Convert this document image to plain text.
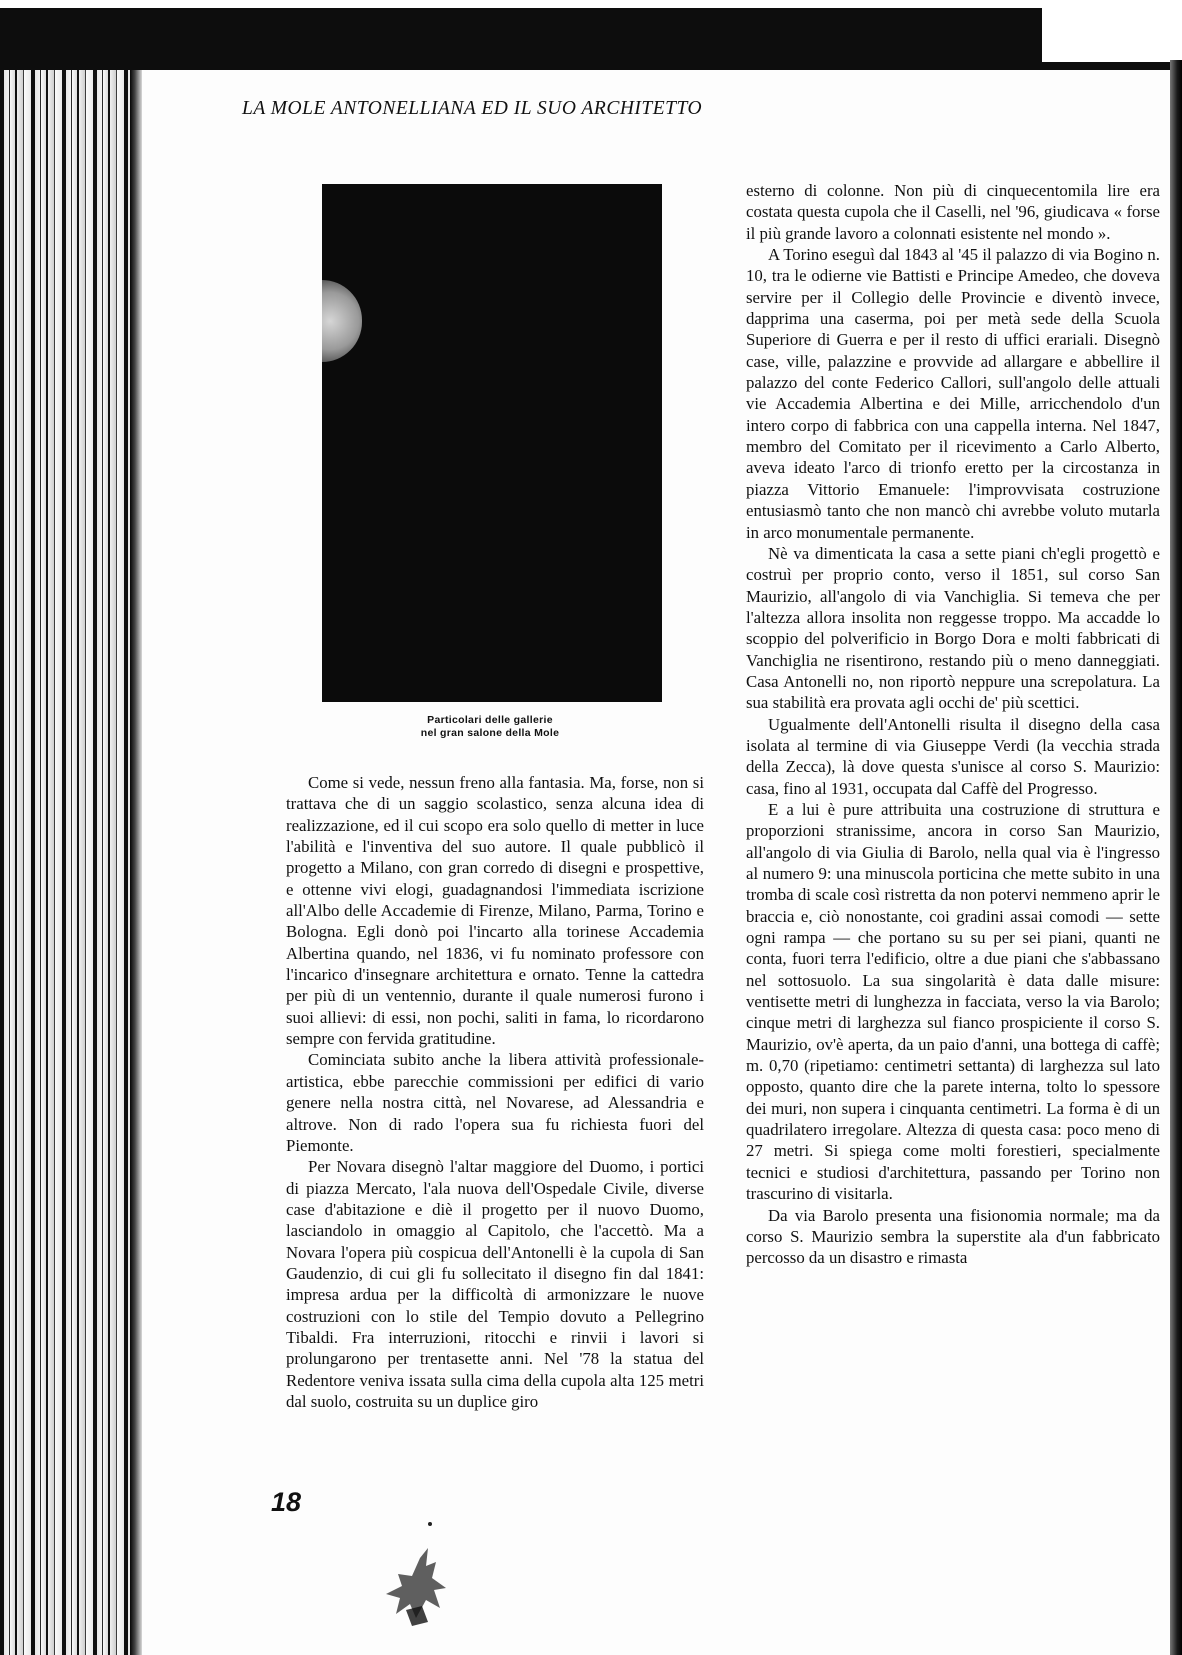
LA MOLE ANTONELLIANA ED IL SUO ARCHITETTO
Particolari delle gallerie
nel gran salone della Mole

Come si vede, nessun freno alla fantasia. Ma, forse, non si trattava che di un saggio scolastico, senza alcuna idea di realizzazione, ed il cui scopo era solo quello di metter in luce l'abilità e l'inventiva del suo autore. Il quale pubblicò il progetto a Milano, con gran corredo di disegni e prospettive, e ottenne vivi elogi, guadagnandosi l'immediata iscrizione all'Albo delle Accademie di Firenze, Milano, Parma, Torino e Bologna. Egli donò poi l'incarto alla torinese Accademia Albertina quando, nel 1836, vi fu nominato professore con l'incarico d'insegnare architettura e ornato. Tenne la cattedra per più di un ventennio, durante il quale numerosi furono i suoi allievi: di essi, non pochi, saliti in fama, lo ricordarono sempre con fervida gratitudine.

Cominciata subito anche la libera attività professionale-artistica, ebbe parecchie commissioni per edifici di vario genere nella nostra città, nel Novarese, ad Alessandria e altrove. Non di rado l'opera sua fu richiesta fuori del Piemonte.

Per Novara disegnò l'altar maggiore del Duomo, i portici di piazza Mercato, l'ala nuova dell'Ospedale Civile, diverse case d'abitazione e diè il progetto per il nuovo Duomo, lasciandolo in omaggio al Capitolo, che l'accettò. Ma a Novara l'opera più cospicua dell'Antonelli è la cupola di San Gaudenzio, di cui gli fu sollecitato il disegno fin dal 1841: impresa ardua per la difficoltà di armonizzare le nuove costruzioni con lo stile del Tempio dovuto a Pellegrino Tibaldi. Fra interruzioni, ritocchi e rinvii i lavori si prolungarono per trentasette anni. Nel '78 la statua del Redentore veniva issata sulla cima della cupola alta 125 metri dal suolo, costruita su un duplice giro

esterno di colonne. Non più di cinquecentomila lire era costata questa cupola che il Caselli, nel '96, giudicava « forse il più grande lavoro a colonnati esistente nel mondo ».

A Torino eseguì dal 1843 al '45 il palazzo di via Bogino n. 10, tra le odierne vie Battisti e Principe Amedeo, che doveva servire per il Collegio delle Provincie e diventò invece, dapprima una caserma, poi per metà sede della Scuola Superiore di Guerra e per il resto di uffici erariali. Disegnò case, ville, palazzine e provvide ad allargare e abbellire il palazzo del conte Federico Callori, sull'angolo delle attuali vie Accademia Albertina e dei Mille, arricchendolo d'un intero corpo di fabbrica con una cappella interna. Nel 1847, membro del Comitato per il ricevimento a Carlo Alberto, aveva ideato l'arco di trionfo eretto per la circostanza in piazza Vittorio Emanuele: l'improvvisata costruzione entusiasmò tanto che non mancò chi avrebbe voluto mutarla in arco monumentale permanente.

Nè va dimenticata la casa a sette piani ch'egli progettò e costruì per proprio conto, verso il 1851, sul corso San Maurizio, all'angolo di via Vanchiglia. Si temeva che per l'altezza allora insolita non reggesse troppo. Ma accadde lo scoppio del polverificio in Borgo Dora e molti fabbricati di Vanchiglia ne risentirono, restando più o meno danneggiati. Casa Antonelli no, non riportò neppure una screpolatura. La sua stabilità era provata agli occhi de' più scettici.

Ugualmente dell'Antonelli risulta il disegno della casa isolata al termine di via Giuseppe Verdi (la vecchia strada della Zecca), là dove questa s'unisce al corso S. Maurizio: casa, fino al 1931, occupata dal Caffè del Progresso.

E a lui è pure attribuita una costruzione di struttura e proporzioni stranissime, ancora in corso San Maurizio, all'angolo di via Giulia di Barolo, nella qual via è l'ingresso al numero 9: una minuscola porticina che mette subito in una tromba di scale così ristretta da non potervi nemmeno aprir le braccia e, ciò nonostante, coi gradini assai comodi — sette ogni rampa — che portano su su per sei piani, quanti ne conta, fuori terra l'edificio, oltre a due piani che s'abbassano nel sottosuolo. La sua singolarità è data dalle misure: ventisette metri di lunghezza in facciata, verso la via Barolo; cinque metri di larghezza sul fianco prospiciente il corso S. Maurizio, ov'è aperta, da un paio d'anni, una bottega di caffè; m. 0,70 (ripetiamo: centimetri settanta) di larghezza sul lato opposto, quanto dire che la parete interna, tolto lo spessore dei muri, non supera i cinquanta centimetri. La forma è di un quadrilatero irregolare. Altezza di questa casa: poco meno di 27 metri. Si spiega come molti forestieri, specialmente tecnici e studiosi d'architettura, passando per Torino non trascurino di visitarla.

Da via Barolo presenta una fisionomia normale; ma da corso S. Maurizio sembra la superstite ala d'un fabbricato percosso da un disastro e rimasta

18
